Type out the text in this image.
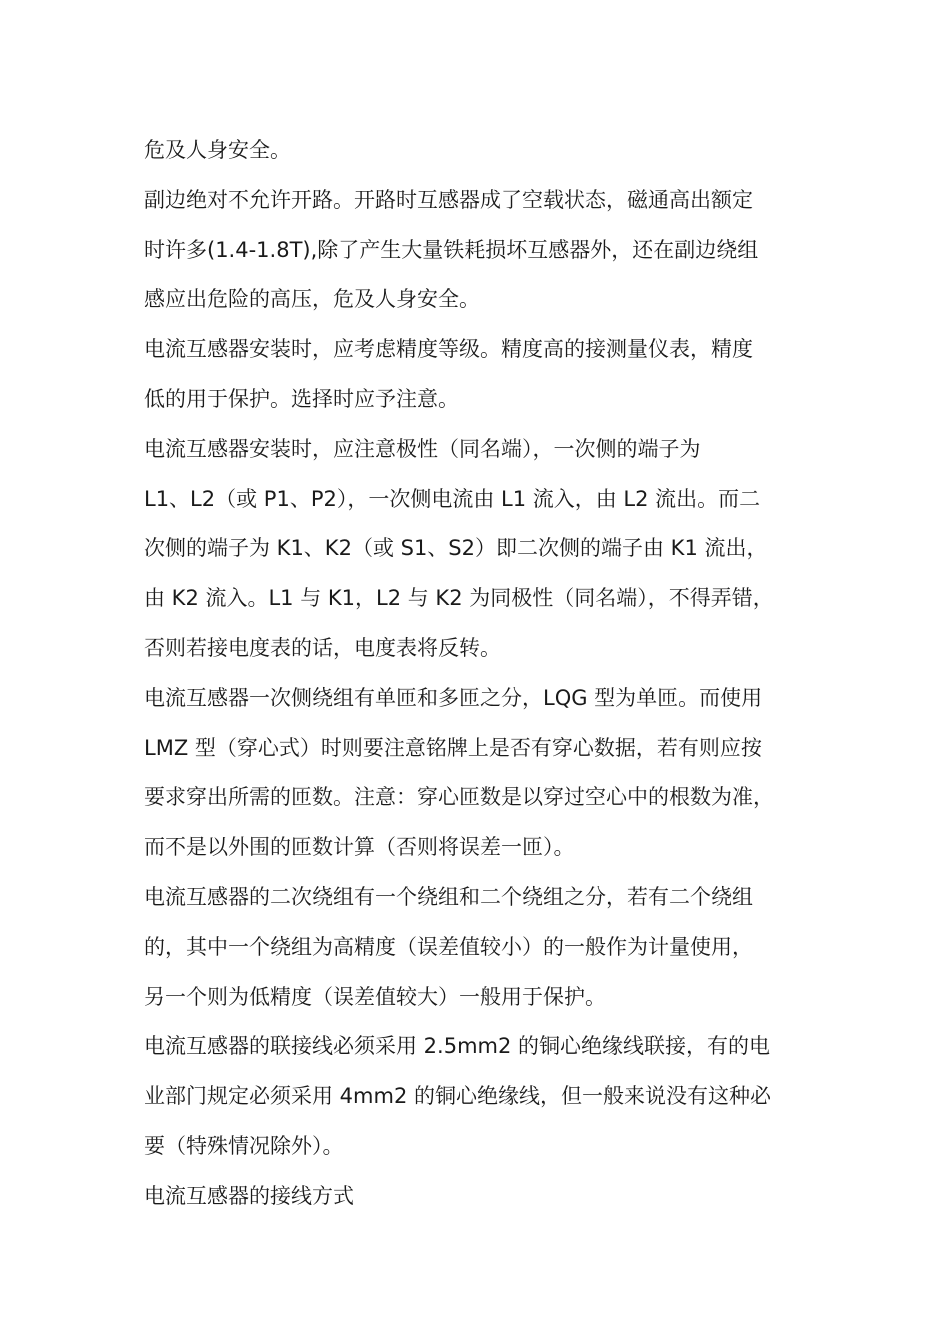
危及人身安全。
副边绝对不允许开路。开路时互感器成了空载状态，磁通高出额定
时许多(1.4-1.8T),除了产生大量铁耗损坏互感器外，还在副边绕组
感应出危险的高压，危及人身安全。
电流互感器安装时，应考虑精度等级。精度高的接测量仪表，精度
低的用于保护。选择时应予注意。
电流互感器安装时，应注意极性（同名端），一次侧的端子为
L1、L2（或 P1、P2），一次侧电流由 L1 流入，由 L2 流出。而二
次侧的端子为 K1、K2（或 S1、S2）即二次侧的端子由 K1 流出，
由 K2 流入。L1 与 K1，L2 与 K2 为同极性（同名端），不得弄错，
否则若接电度表的话，电度表将反转。
电流互感器一次侧绕组有单匝和多匝之分，LQG 型为单匝。而使用
LMZ 型（穿心式）时则要注意铭牌上是否有穿心数据，若有则应按
要求穿出所需的匝数。注意：穿心匝数是以穿过空心中的根数为准，
而不是以外围的匝数计算（否则将误差一匝）。
电流互感器的二次绕组有一个绕组和二个绕组之分，若有二个绕组
的，其中一个绕组为高精度（误差值较小）的一般作为计量使用，
另一个则为低精度（误差值较大）一般用于保护。
电流互感器的联接线必须采用 2.5mm2 的铜心绝缘线联接，有的电
业部门规定必须采用 4mm2 的铜心绝缘线，但一般来说没有这种必
要（特殊情况除外）。
电流互感器的接线方式
